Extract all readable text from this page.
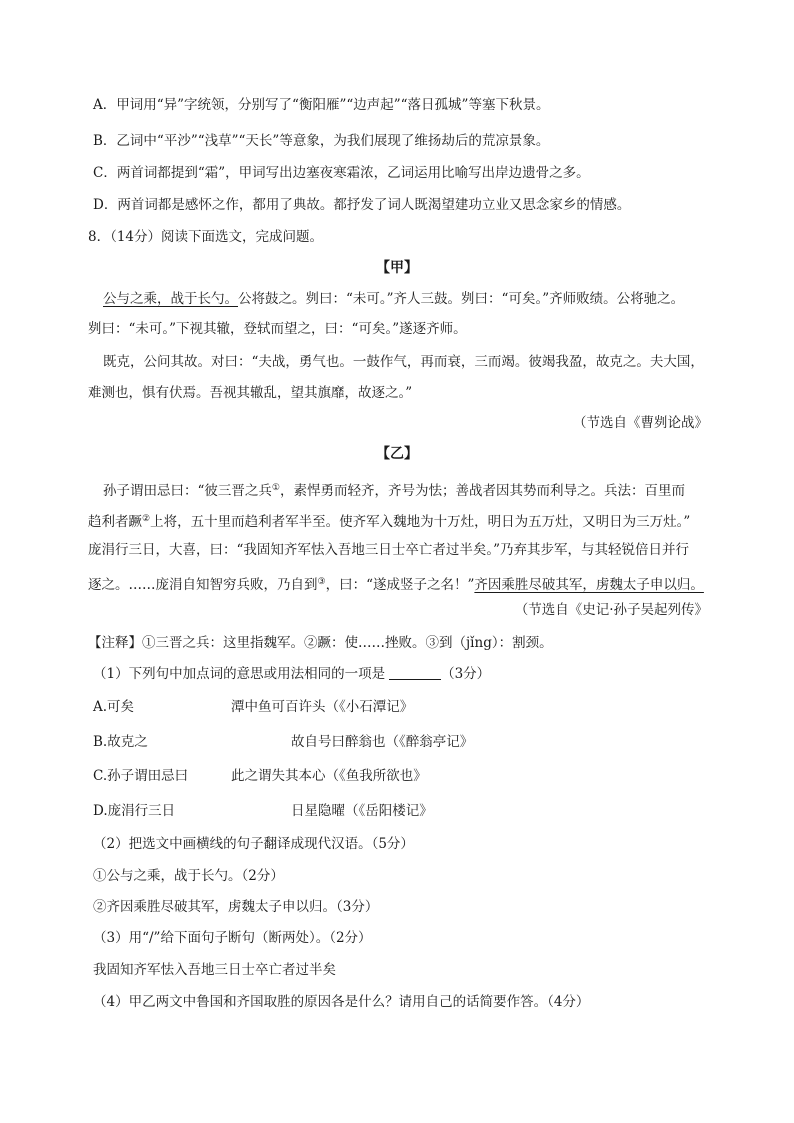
A．甲词用“异”字统领，分别写了“衡阳雁”“边声起”“落日孤城”等塞下秋景。
B．乙词中“平沙”“浅草”“天长”等意象，为我们展现了维扬劫后的荒凉景象。
C．两首词都提到“霜”，甲词写出边塞夜寒霜浓，乙词运用比喻写出岸边遗骨之多。
D．两首词都是感怀之作，都用了典故。都抒发了词人既渴望建功立业又思念家乡的情感。
8．（14分）阅读下面选文，完成问题。
【甲】
公与之乘，战于长勺。公将鼓之。刿曰：“未可。”齐人三鼓。刿曰：“可矣。”齐师败绩。公将驰之。
刿曰：“未可。”下视其辙，登轼而望之，曰：“可矣。”遂逐齐师。
既克，公问其故。对曰：“夫战，勇气也。一鼓作气，再而衰，三而竭。彼竭我盈，故克之。夫大国，
难测也，惧有伏焉。吾视其辙乱，望其旗靡，故逐之。”
（节选自《曹刿论战》
【乙】
孙子谓田忌曰：“彼三晋之兵①，素悍勇而轻齐，齐号为怯；善战者因其势而利导之。兵法：百里而
趋利者蹶②上将，五十里而趋利者军半至。使齐军入魏地为十万灶，明日为五万灶，又明日为三万灶。”
庞涓行三日，大喜，曰：“我固知齐军怯入吾地三日士卒亡者过半矣。”乃弃其步军，与其轻锐倍日并行
逐之。……庞涓自知智穷兵败，乃自到③，曰：“遂成竖子之名！”齐因乘胜尽破其军，虏魏太子申以归。
（节选自《史记·孙子吴起列传》
【注释】①三晋之兵：这里指魏军。②蹶：使……挫败。③到（jǐng）：割颈。
（1）下列句中加点词的意思或用法相同的一项是	（3分）
A.可矣	潭中鱼可百许头（《小石潭记》
B.故克之	故自号曰醉翁也（《醉翁亭记》
C.孙子谓田忌曰	此之谓失其本心（《鱼我所欲也》
D.庞涓行三日	日星隐曜（《岳阳楼记》
（2）把选文中画横线的句子翻译成现代汉语。（5分）
①公与之乘，战于长勺。（2分）
②齐因乘胜尽破其军，虏魏太子申以归。（3分）
（3）用“/”给下面句子断句（断两处）。（2分）
我固知齐军怯入吾地三日士卒亡者过半矣
（4）甲乙两文中鲁国和齐国取胜的原因各是什么？请用自己的话简要作答。（4分）
